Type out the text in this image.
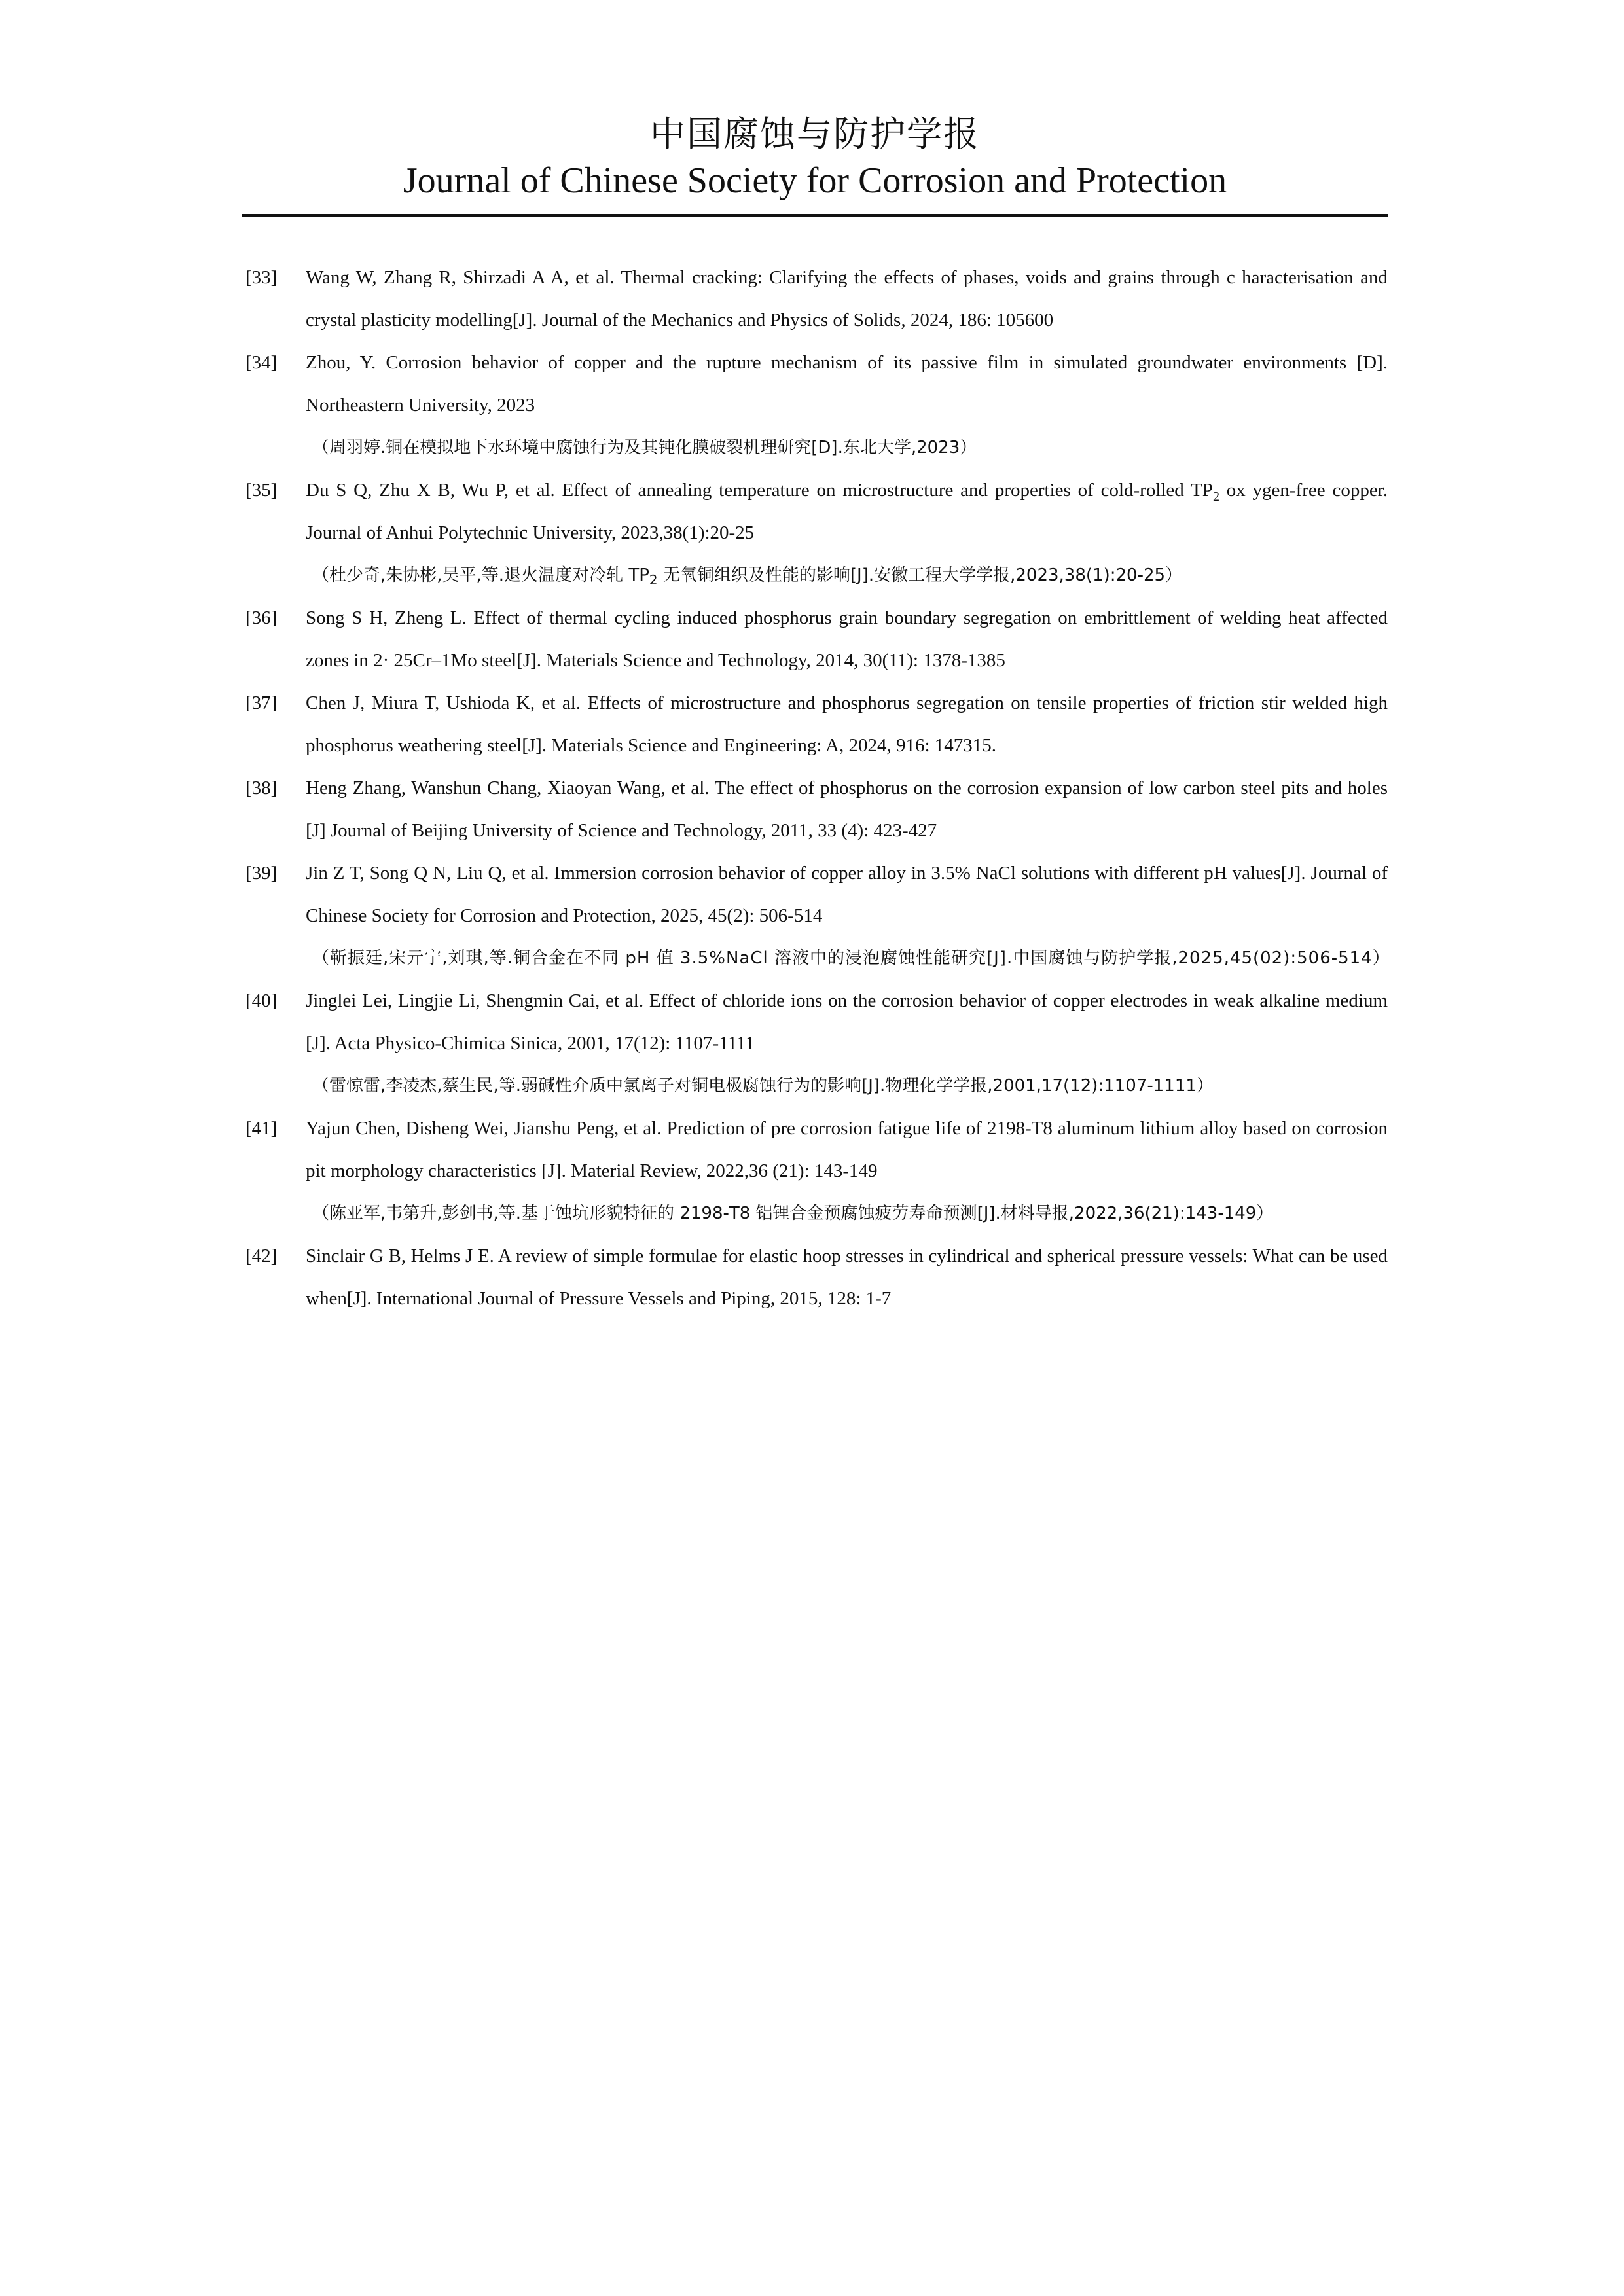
中国腐蚀与防护学报
Journal of Chinese Society for Corrosion and Protection
[33]	Wang W, Zhang R, Shirzadi A A, et al. Thermal cracking: Clarifying the effects of phases, voids and grains through c haracterisation and crystal plasticity modelling[J]. Journal of the Mechanics and Physics of Solids, 2024, 186: 105600
[34]	Zhou, Y. Corrosion behavior of copper and the rupture mechanism of its passive film in simulated groundwater environments [D]. Northeastern University, 2023
（周羽婷.铜在模拟地下水环境中腐蚀行为及其钝化膜破裂机理研究[D].东北大学,2023）
[35]	Du S Q, Zhu X B, Wu P, et al. Effect of annealing temperature on microstructure and properties of cold-rolled $TP_2$ ox ygen-free copper. Journal of Anhui Polytechnic University, 2023,38(1):20-25
（杜少奇,朱协彬,吴平,等.退火温度对冷轧 $TP_2$ 无氧铜组织及性能的影响[J].安徽工程大学学报,2023,38(1):20-25）
[36]	Song S H, Zheng L. Effect of thermal cycling induced phosphorus grain boundary segregation on embrittlement of welding heat affected zones in 2· 25Cr–1Mo steel[J]. Materials Science and Technology, 2014, 30(11): 1378-1385
[37]	Chen J, Miura T, Ushioda K, et al. Effects of microstructure and phosphorus segregation on tensile properties of friction stir welded high phosphorus weathering steel[J]. Materials Science and Engineering: A, 2024, 916: 147315.
[38]	Heng Zhang, Wanshun Chang, Xiaoyan Wang, et al. The effect of phosphorus on the corrosion expansion of low carbon steel pits and holes [J] Journal of Beijing University of Science and Technology, 2011, 33 (4): 423-427
[39]	Jin Z T, Song Q N, Liu Q, et al. Immersion corrosion behavior of copper alloy in 3.5% NaCl solutions with different pH values[J]. Journal of Chinese Society for Corrosion and Protection, 2025, 45(2): 506-514
（靳振廷,宋亓宁,刘琪,等.铜合金在不同 pH 值 3.5%NaCl 溶液中的浸泡腐蚀性能研究[J].中国腐蚀与防护学报,2025,45(02):506-514）
[40]	Jinglei Lei, Lingjie Li, Shengmin Cai, et al. Effect of chloride ions on the corrosion behavior of copper electrodes in weak alkaline medium [J]. Acta Physico-Chimica Sinica, 2001, 17(12): 1107-1111
（雷惊雷,李凌杰,蔡生民,等.弱碱性介质中氯离子对铜电极腐蚀行为的影响[J].物理化学学报,2001,17(12):1107-1111）
[41]	Yajun Chen, Disheng Wei, Jianshu Peng, et al. Prediction of pre corrosion fatigue life of 2198-T8 aluminum lithium alloy based on corrosion pit morphology characteristics [J]. Material Review, 2022,36 (21): 143-149
（陈亚军,韦第升,彭剑书,等.基于蚀坑形貌特征的 2198-T8 铝锂合金预腐蚀疲劳寿命预测[J].材料导报,2022,36(21):143-149）
[42]	Sinclair G B, Helms J E. A review of simple formulae for elastic hoop stresses in cylindrical and spherical pressure vessels: What can be used when[J]. International Journal of Pressure Vessels and Piping, 2015, 128: 1-7
